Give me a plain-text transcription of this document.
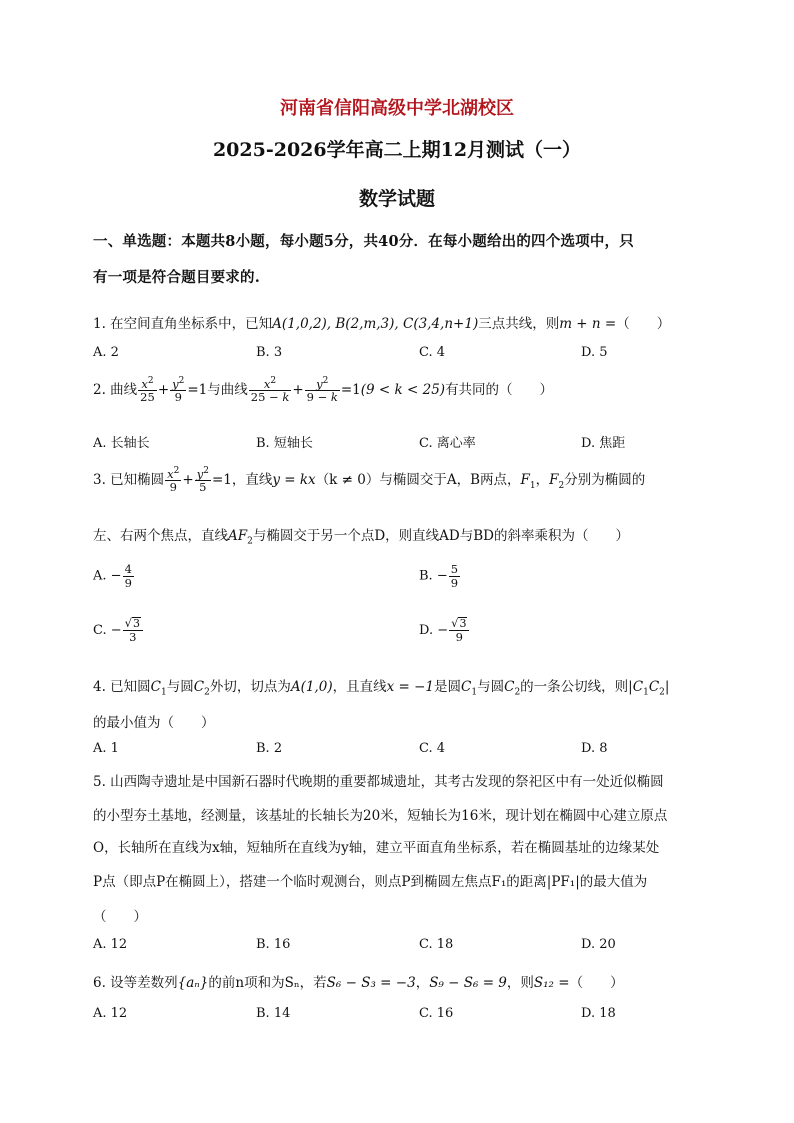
河南省信阳高级中学北湖校区
2025-2026学年高二上期12月测试（一）
数学试题
一、单选题：本题共8小题，每小题5分，共40分．在每小题给出的四个选项中，只
有一项是符合题目要求的.
1. 在空间直角坐标系中，已知A(1,0,2), B(2,m,3), C(3,4,n+1)三点共线，则m + n =（　　）
A. 2	B. 3	C. 4	D. 5
2. 曲线 $\frac{x^2}{25} + \frac{y^2}{9} =1$与曲线 $\frac{x^2}{25 - k} + \frac{y^2}{9 - k} =1(9 < k < 25)$有共同的（　　）
A. 长轴长	B. 短轴长	C. 离心率	D. 焦距
3. 已知椭圆 $\frac{x^2}{9} + \frac{y^2}{5} =1$，直线y = kx（k ≠ 0）与椭圆交于A，B两点，$F_1$，$F_2$分别为椭圆的
左、右两个焦点，直线$AF_2$与椭圆交于另一个点D，则直线AD与BD的斜率乘积为（　　）
A. − $\frac{4}{9}$	B. − $\frac{5}{9}$
C. − $\frac{√3}{3}$	D. − $\frac{√3}{9}$
4. 已知圆$C_1$与圆$C_2$外切，切点为A(1,0)，且直线x = −1是圆$C_1$与圆$C_2$的一条公切线，则$|C_1C_2|$
的最小值为（　　）
A. 1	B. 2	C. 4	D. 8
5. 山西陶寺遗址是中国新石器时代晚期的重要都城遗址，其考古发现的祭祀区中有一处近似椭圆
的小型夯土基地，经测量，该基址的长轴长为20米，短轴长为16米，现计划在椭圆中心建立原点
O，长轴所在直线为x轴，短轴所在直线为y轴，建立平面直角坐标系，若在椭圆基址的边缘某处
P点（即点P在椭圆上），搭建一个临时观测台，则点P到椭圆左焦点F₁的距离|PF₁|的最大值为
（　　）
A. 12	B. 16	C. 18	D. 20
6. 设等差数列{aₙ}的前n项和为Sₙ，若S₆ − S₃ = −3，S₉ − S₆ = 9，则S₁₂ =（　　）
A. 12	B. 14	C. 16	D. 18
